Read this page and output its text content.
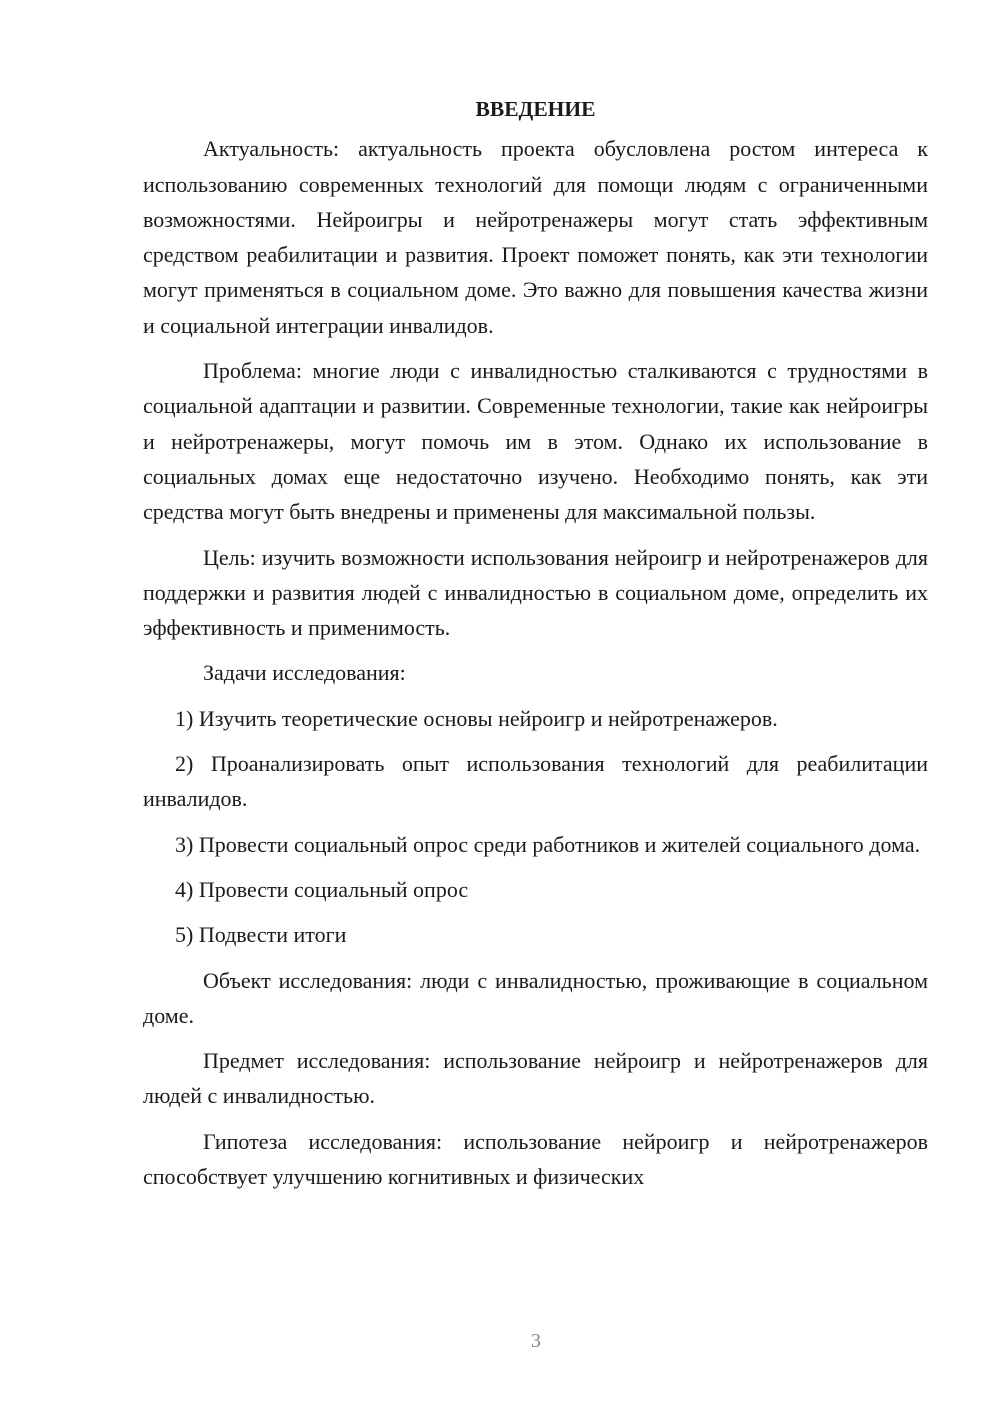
ВВЕДЕНИЕ

Актуальность: актуальность проекта обусловлена ростом интереса к использованию современных технологий для помощи людям с ограниченными возможностями. Нейроигры и нейротренажеры могут стать эффективным средством реабилитации и развития. Проект поможет понять, как эти технологии могут применяться в социальном доме. Это важно для повышения качества жизни и социальной интеграции инвалидов.

Проблема: многие люди с инвалидностью сталкиваются с трудностями в социальной адаптации и развитии. Современные технологии, такие как нейроигры и нейротренажеры, могут помочь им в этом. Однако их использование в социальных домах еще недостаточно изучено. Необходимо понять, как эти средства могут быть внедрены и применены для максимальной пользы.

Цель: изучить возможности использования нейроигр и нейротренажеров для поддержки и развития людей с инвалидностью в социальном доме, определить их эффективность и применимость.

Задачи исследования:

1) Изучить теоретические основы нейроигр и нейротренажеров.

2) Проанализировать опыт использования технологий для реабилитации инвалидов.

3) Провести социальный опрос среди работников и жителей социального дома.

4) Провести социальный опрос

5) Подвести итоги

Объект исследования: люди с инвалидностью, проживающие в социальном доме.

Предмет исследования: использование нейроигр и нейротренажеров для людей с инвалидностью.

Гипотеза исследования: использование нейроигр и нейротренажеров способствует улучшению когнитивных и физических

3
